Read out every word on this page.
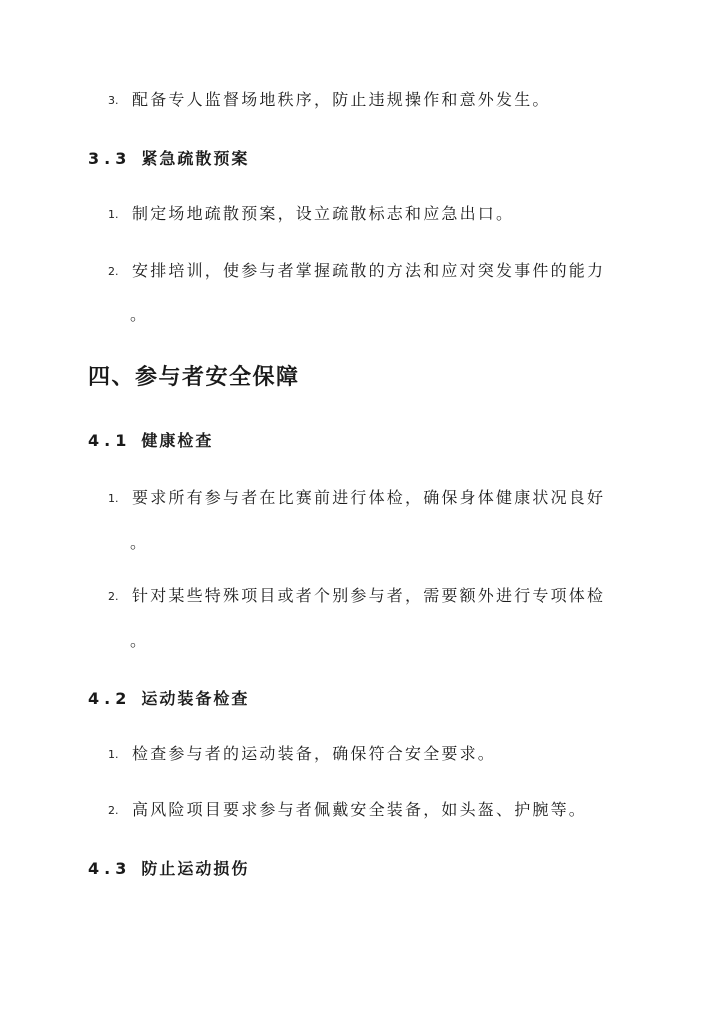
3. 配备专人监督场地秩序，防止违规操作和意外发生。
3.3 紧急疏散预案
1. 制定场地疏散预案，设立疏散标志和应急出口。
2. 安排培训，使参与者掌握疏散的方法和应对突发事件的能力
。
四、参与者安全保障
4.1 健康检查
1. 要求所有参与者在比赛前进行体检，确保身体健康状况良好
。
2. 针对某些特殊项目或者个别参与者，需要额外进行专项体检
。
4.2 运动装备检查
1. 检查参与者的运动装备，确保符合安全要求。
2. 高风险项目要求参与者佩戴安全装备，如头盔、护腕等。
4.3 防止运动损伤
